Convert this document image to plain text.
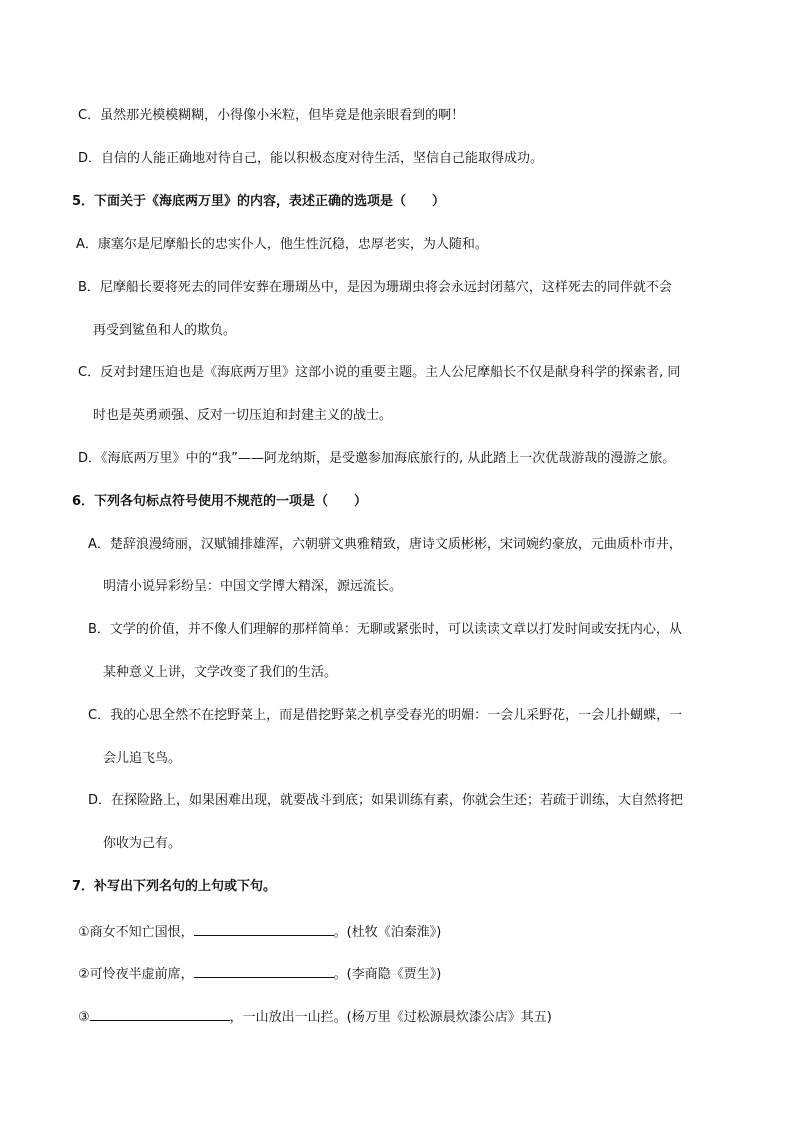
C．虽然那光模模糊糊，小得像小米粒，但毕竟是他亲眼看到的啊！
D．自信的人能正确地对待自己，能以积极态度对待生活，坚信自己能取得成功。
5．下面关于《海底两万里》的内容，表述正确的选项是（　　）
A．康塞尔是尼摩船长的忠实仆人，他生性沉稳，忠厚老实，为人随和。
B．尼摩船长要将死去的同伴安葬在珊瑚丛中，是因为珊瑚虫将会永远封闭墓穴，这样死去的同伴就不会
再受到鲨鱼和人的欺负。
C．反对封建压迫也是《海底两万里》这部小说的重要主题。主人公尼摩船长不仅是献身科学的探索者, 同
时也是英勇顽强、反对一切压迫和封建主义的战士。
D．《海底两万里》中的“我”——阿龙纳斯，是受邀参加海底旅行的, 从此踏上一次优哉游哉的漫游之旅。
6．下列各句标点符号使用不规范的一项是（　　）
A．楚辞浪漫绮丽，汉赋铺排雄浑，六朝骈文典雅精致，唐诗文质彬彬，宋词婉约豪放，元曲质朴市井，
明清小说异彩纷呈：中国文学博大精深，源远流长。
B．文学的价值，并不像人们理解的那样简单：无聊或紧张时，可以读读文章以打发时间或安抚内心，从
某种意义上讲，文学改变了我们的生活。
C．我的心思全然不在挖野菜上，而是借挖野菜之机享受春光的明媚：一会儿采野花，一会儿扑蝴蝶，一
会儿追飞鸟。
D．在探险路上，如果困难出现，就要战斗到底；如果训练有素，你就会生还；若疏于训练，大自然将把
你收为己有。
7．补写出下列名句的上句或下句。
①商女不知亡国恨，	。(杜牧《泊秦淮》)
②可怜夜半虚前席，	。(李商隐《贾生》)
③	，一山放出一山拦。(杨万里《过松源晨炊漆公店》其五)
